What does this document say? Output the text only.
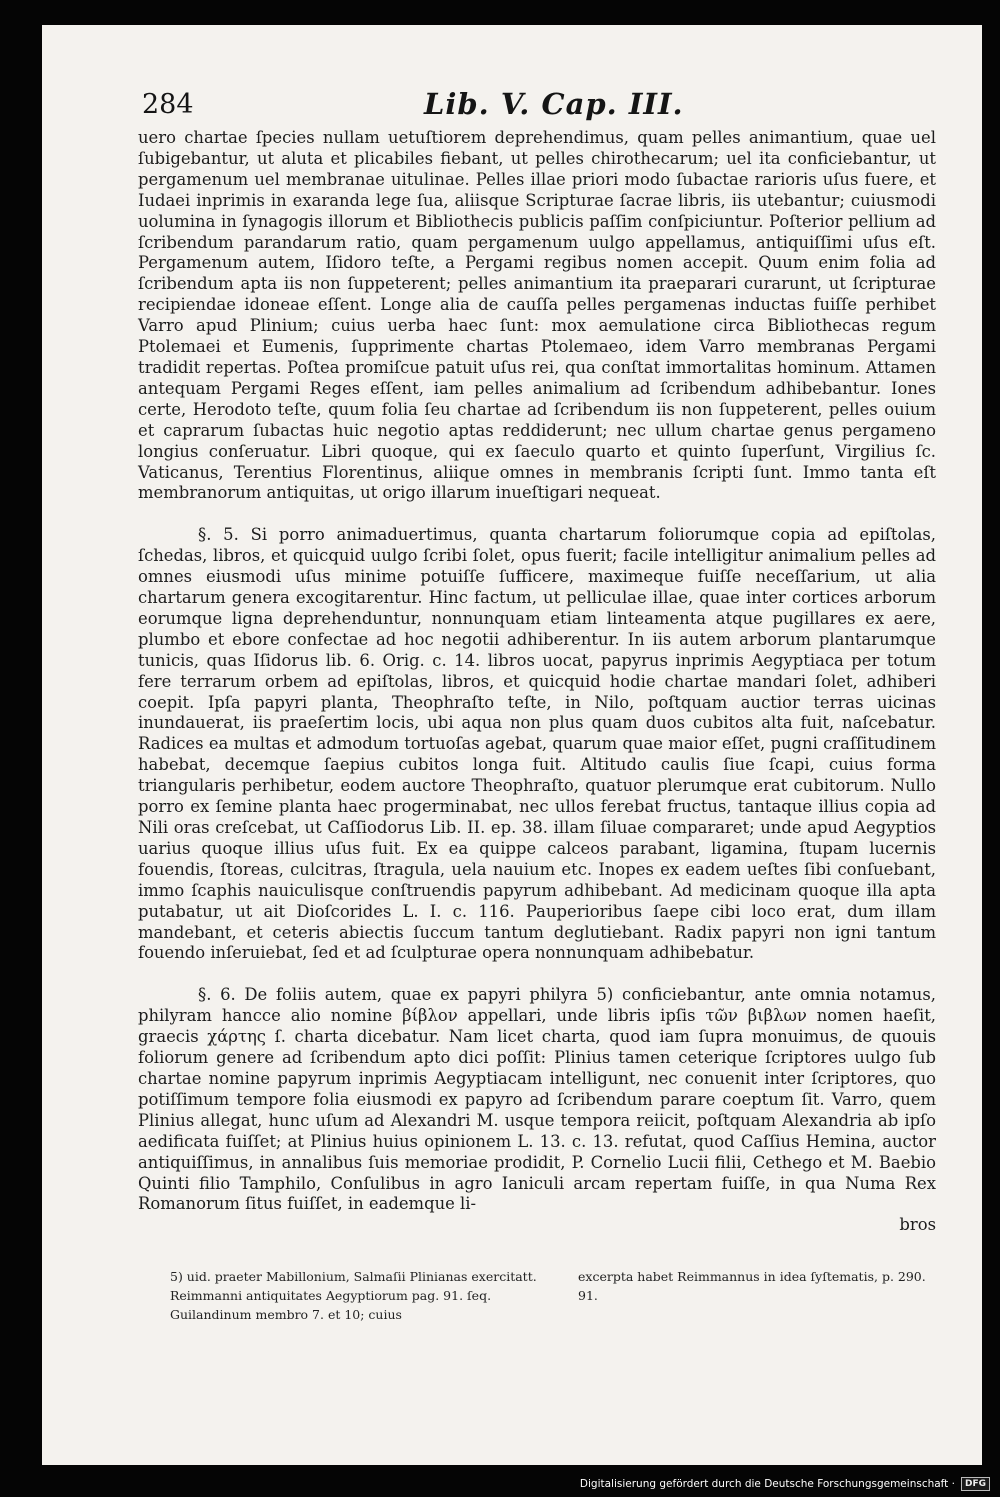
284	Lib. V. Cap. III.

uero chartae ſpecies nullam uetuſtiorem deprehendimus, quam pelles animantium, quae uel ſubigebantur, ut aluta et plicabiles fiebant, ut pelles chirothecarum; uel ita conficiebantur, ut pergamenum uel membranae uitulinae. Pelles illae priori modo ſubactae rarioris uſus fuere, et Iudaei inprimis in exaranda lege ſua, aliisque Scripturae ſacrae libris, iis utebantur; cuiusmodi uolumina in ſynagogis illorum et Bibliothecis publicis paſſim conſpiciuntur. Poſterior pellium ad ſcribendum parandarum ratio, quam pergamenum uulgo appellamus, antiquiſſimi uſus eſt. Pergamenum autem, Iſidoro teſte, a Pergami regibus nomen accepit. Quum enim folia ad ſcribendum apta iis non ſuppeterent; pelles animantium ita praeparari curarunt, ut ſcripturae recipiendae idoneae eſſent. Longe alia de cauſſa pelles pergamenas inductas fuiſſe perhibet Varro apud Plinium; cuius uerba haec ſunt: mox aemulatione circa Bibliothecas regum Ptolemaei et Eumenis, ſupprimente chartas Ptolemaeo, idem Varro membranas Pergami tradidit repertas. Poſtea promiſcue patuit uſus rei, qua conſtat immortalitas hominum. Attamen antequam Pergami Reges eſſent, iam pelles animalium ad ſcribendum adhibebantur. Iones certe, Herodoto teſte, quum folia ſeu chartae ad ſcribendum iis non ſuppeterent, pelles ouium et caprarum ſubactas huic negotio aptas reddiderunt; nec ullum chartae genus pergameno longius conſeruatur. Libri quoque, qui ex ſaeculo quarto et quinto ſuperſunt, Virgilius ſc. Vaticanus, Terentius Florentinus, aliique omnes in membranis ſcripti ſunt. Immo tanta eſt membranorum antiquitas, ut origo illarum inueſtigari nequeat.

§. 5. Si porro animaduertimus, quanta chartarum foliorumque copia ad epiſtolas, ſchedas, libros, et quicquid uulgo ſcribi ſolet, opus fuerit; facile intelligitur animalium pelles ad omnes eiusmodi uſus minime potuiſſe ſufficere, maximeque fuiſſe neceſſarium, ut alia chartarum genera excogitarentur. Hinc factum, ut pelliculae illae, quae inter cortices arborum eorumque ligna deprehenduntur, nonnunquam etiam linteamenta atque pugillares ex aere, plumbo et ebore confectae ad hoc negotii adhiberentur. In iis autem arborum plantarumque tunicis, quas Iſidorus lib. 6. Orig. c. 14. libros uocat, papyrus inprimis Aegyptiaca per totum fere terrarum orbem ad epiſtolas, libros, et quicquid hodie chartae mandari ſolet, adhiberi coepit. Ipſa papyri planta, Theophraſto teſte, in Nilo, poſtquam auctior terras uicinas inundauerat, iis praeſertim locis, ubi aqua non plus quam duos cubitos alta fuit, naſcebatur. Radices ea multas et admodum tortuoſas agebat, quarum quae maior eſſet, pugni craſſitudinem habebat, decemque ſaepius cubitos longa fuit. Altitudo caulis ſiue ſcapi, cuius forma triangularis perhibetur, eodem auctore Theophraſto, quatuor plerumque erat cubitorum. Nullo porro ex ſemine planta haec progerminabat, nec ullos ferebat fructus, tantaque illius copia ad Nili oras creſcebat, ut Caſſiodorus Lib. II. ep. 38. illam ſiluae compararet; unde apud Aegyptios uarius quoque illius uſus fuit. Ex ea quippe calceos parabant, ligamina, ſtupam lucernis fouendis, ſtoreas, culcitras, ſtragula, uela nauium etc. Inopes ex eadem ueſtes ſibi conſuebant, immo ſcaphis nauiculisque conſtruendis papyrum adhibebant. Ad medicinam quoque illa apta putabatur, ut ait Dioſcorides L. I. c. 116. Pauperioribus ſaepe cibi loco erat, dum illam mandebant, et ceteris abiectis ſuccum tantum deglutiebant. Radix papyri non igni tantum fouendo inſeruiebat, ſed et ad ſculpturae opera nonnunquam adhibebatur.

§. 6. De foliis autem, quae ex papyri philyra 5) conficiebantur, ante omnia notamus, philyram hancce alio nomine βίβλον appellari, unde libris ipſis τῶν βιβλων nomen haeſit, graecis χάρτης ſ. charta dicebatur. Nam licet charta, quod iam ſupra monuimus, de quouis foliorum genere ad ſcribendum apto dici poſſit: Plinius tamen ceterique ſcriptores uulgo ſub chartae nomine papyrum inprimis Aegyptiacam intelligunt, nec conuenit inter ſcriptores, quo potiſſimum tempore folia eiusmodi ex papyro ad ſcribendum parare coeptum ſit. Varro, quem Plinius allegat, hunc uſum ad Alexandri M. usque tempora reiicit, poſtquam Alexandria ab ipſo aedificata fuiſſet; at Plinius huius opinionem L. 13. c. 13. refutat, quod Caſſius Hemina, auctor antiquiſſimus, in annalibus ſuis memoriae prodidit, P. Cornelio Lucii filii, Cethego et M. Baebio Quinti filio Tamphilo, Conſulibus in agro Ianiculi arcam repertam fuiſſe, in qua Numa Rex Romanorum ſitus fuiſſet, in eademque li-

bros
5) uid. praeter Mabillonium, Salmaſii Plinianas exercitatt. Reimmanni antiquitates Aegyptiorum pag. 91. ſeq. Guilandinum membro 7. et 10; cuius
excerpta habet Reimmannus in idea ſyſtematis, p. 290. 91.
Digitalisierung gefördert durch die Deutsche Forschungsgemeinschaft ·	DFG
